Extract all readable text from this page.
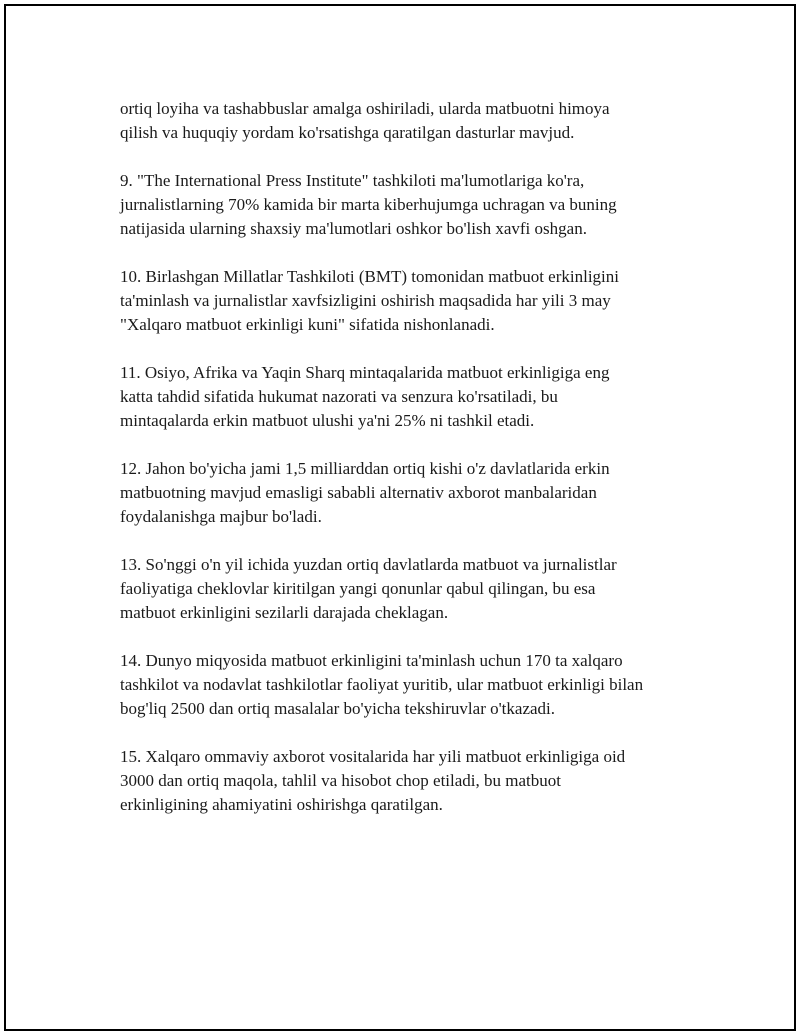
ortiq loyiha va tashabbuslar amalga oshiriladi, ularda matbuotni himoya
qilish va huquqiy yordam ko'rsatishga qaratilgan dasturlar mavjud.

9. "The International Press Institute" tashkiloti ma'lumotlariga ko'ra,
jurnalistlarning 70% kamida bir marta kiberhujumga uchragan va buning
natijasida ularning shaxsiy ma'lumotlari oshkor bo'lish xavfi oshgan.

10. Birlashgan Millatlar Tashkiloti (BMT) tomonidan matbuot erkinligini
ta'minlash va jurnalistlar xavfsizligini oshirish maqsadida har yili 3 may
"Xalqaro matbuot erkinligi kuni" sifatida nishonlanadi.

11. Osiyo, Afrika va Yaqin Sharq mintaqalarida matbuot erkinligiga eng
katta tahdid sifatida hukumat nazorati va senzura ko'rsatiladi, bu
mintaqalarda erkin matbuot ulushi ya'ni 25% ni tashkil etadi.

12. Jahon bo'yicha jami 1,5 milliarddan ortiq kishi o'z davlatlarida erkin
matbuotning mavjud emasligi sababli alternativ axborot manbalaridan
foydalanishga majbur bo'ladi.

13. So'nggi o'n yil ichida yuzdan ortiq davlatlarda matbuot va jurnalistlar
faoliyatiga cheklovlar kiritilgan yangi qonunlar qabul qilingan, bu esa
matbuot erkinligini sezilarli darajada cheklagan.

14. Dunyo miqyosida matbuot erkinligini ta'minlash uchun 170 ta xalqaro
tashkilot va nodavlat tashkilotlar faoliyat yuritib, ular matbuot erkinligi bilan
bog'liq 2500 dan ortiq masalalar bo'yicha tekshiruvlar o'tkazadi.

15. Xalqaro ommaviy axborot vositalarida har yili matbuot erkinligiga oid
3000 dan ortiq maqola, tahlil va hisobot chop etiladi, bu matbuot
erkinligining ahamiyatini oshirishga qaratilgan.
